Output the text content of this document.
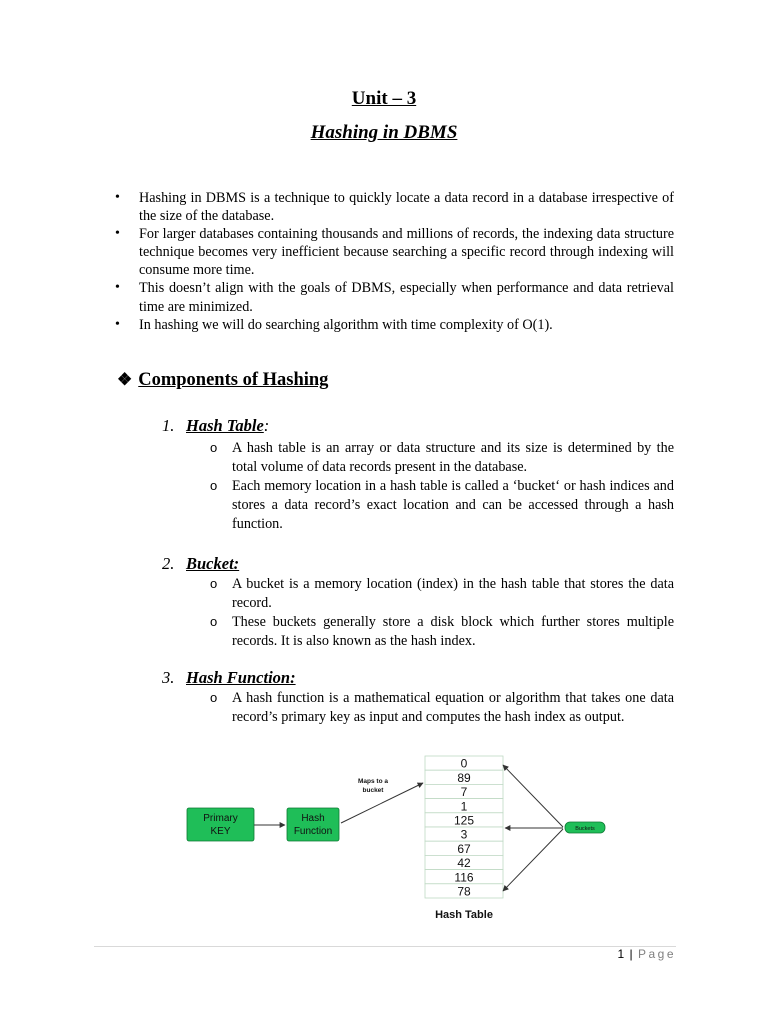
Unit – 3
Hashing in DBMS
• Hashing in DBMS is a technique to quickly locate a data record in a database irrespective of the size of the database.
• For larger databases containing thousands and millions of records, the indexing data structure technique becomes very inefficient because searching a specific record through indexing will consume more time.
• This doesn’t align with the goals of DBMS, especially when performance and data retrieval time are minimized.
• In hashing we will do searching algorithm with time complexity of O(1).
❖ Components of Hashing
1. Hash Table:
o A hash table is an array or data structure and its size is determined by the total volume of data records present in the database.
o Each memory location in a hash table is called a ‘bucket‘ or hash indices and stores a data record’s exact location and can be accessed through a hash function.
2. Bucket:
o A bucket is a memory location (index) in the hash table that stores the data record.
o These buckets generally store a disk block which further stores multiple records. It is also known as the hash index.
3. Hash Function:
o A hash function is a mathematical equation or algorithm that takes one data record’s primary key as input and computes the hash index as output.
Primary
KEY
Hash
Function
Maps to a
bucket
0
89
7
1
125
3
67
42
116
78
Hash Table
Buckets
1 | Page
